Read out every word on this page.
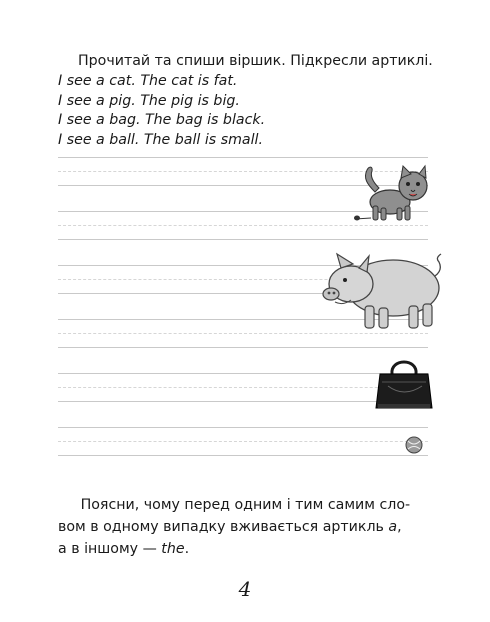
Прочитай та спиши віршик. Підкресли артиклі.
I see a cat. The cat is fat.
I see a pig. The pig is big.
I see a bag. The bag is black.
I see a ball. The ball is small.

Поясни, чому перед одним і тим самим сло-

вом в одному випадку вживається артикль a,

а в іншому — the.

4
